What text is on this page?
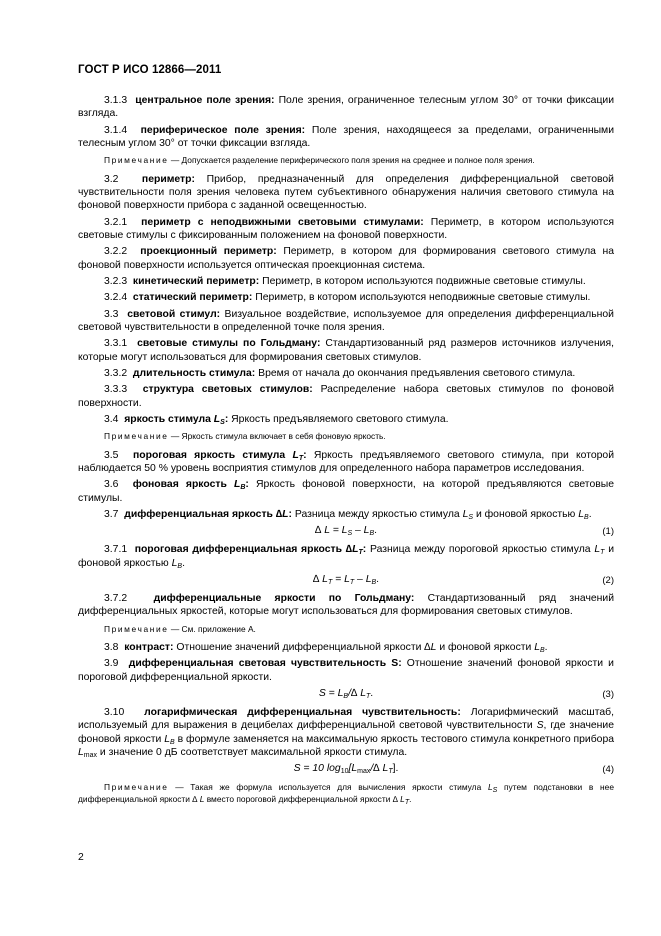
ГОСТ Р ИСО 12866—2011

3.1.3 центральное поле зрения: Поле зрения, ограниченное телесным углом 30° от точки фиксации взгляда.

3.1.4 периферическое поле зрения: Поле зрения, находящееся за пределами, ограниченными телесным углом 30° от точки фиксации взгляда.

Примечание — Допускается разделение периферического поля зрения на среднее и полное поля зрения.

3.2 периметр: Прибор, предназначенный для определения дифференциальной световой чувствительности поля зрения человека путем субъективного обнаружения наличия светового стимула на фоновой поверхности прибора с заданной освещенностью.

3.2.1 периметр с неподвижными световыми стимулами: Периметр, в котором используются световые стимулы с фиксированным положением на фоновой поверхности.

3.2.2 проекционный периметр: Периметр, в котором для формирования светового стимула на фоновой поверхности используется оптическая проекционная система.

3.2.3 кинетический периметр: Периметр, в котором используются подвижные световые стимулы.

3.2.4 статический периметр: Периметр, в котором используются неподвижные световые стимулы.

3.3 световой стимул: Визуальное воздействие, используемое для определения дифференциальной световой чувствительности в определенной точке поля зрения.

3.3.1 световые стимулы по Гольдману: Стандартизованный ряд размеров источников излучения, которые могут использоваться для формирования световых стимулов.

3.3.2 длительность стимула: Время от начала до окончания предъявления светового стимула.

3.3.3 структура световых стимулов: Распределение набора световых стимулов по фоновой поверхности.

3.4 яркость стимула $L_S$: Яркость предъявляемого светового стимула.

Примечание — Яркость стимула включает в себя фоновую яркость.

3.5 пороговая яркость стимула $L_T$: Яркость предъявляемого светового стимула, при которой наблюдается 50 % уровень восприятия стимулов для определенного набора параметров исследования.

3.6 фоновая яркость $L_B$: Яркость фоновой поверхности, на которой предъявляются световые стимулы.

3.7 дифференциальная яркость ∆L: Разница между яркостью стимула $L_S$ и фоновой яркостью $L_B$.

∆ $L = L_S - L_B$.	(1)

3.7.1 пороговая дифференциальная яркость $\Delta L_T$: Разница между пороговой яркостью стимула $L_T$ и фоновой яркостью $L_B$.

∆ $L_T = L_T - L_B$.	(2)

3.7.2	дифференциальные яркости по Гольдману: Стандартизованный ряд значений дифференциальных яркостей, которые могут использоваться для формирования световых стимулов.

Примечание — См. приложение А.

3.8 контраст: Отношение значений дифференциальной яркости ∆L и фоновой яркости $L_B$.

3.9 дифференциальная световая чувствительность S: Отношение значений фоновой яркости и пороговой дифференциальной яркости.

$S = L_B/\Delta$ $L_T$.	(3)

3.10 логарифмическая дифференциальная чувствительность: Логарифмический масштаб, используемый для выражения в децибелах дифференциальной световой чувствительности S, где значение фоновой яркости $L_B$ в формуле заменяется на максимальную яркость тестового стимула конкретного прибора $L_{max}$ и значение 0 дБ соответствует максимальной яркости стимула.

S = 10 $\log_{10}[L_{max}/\Delta$ $L_T$].	(4)

Примечание — Такая же формула используется для вычисления яркости стимула $L_S$ путем подстановки в нее дифференциальной яркости ∆ L вместо пороговой дифференциальной яркости ∆ $L_T$.

2
